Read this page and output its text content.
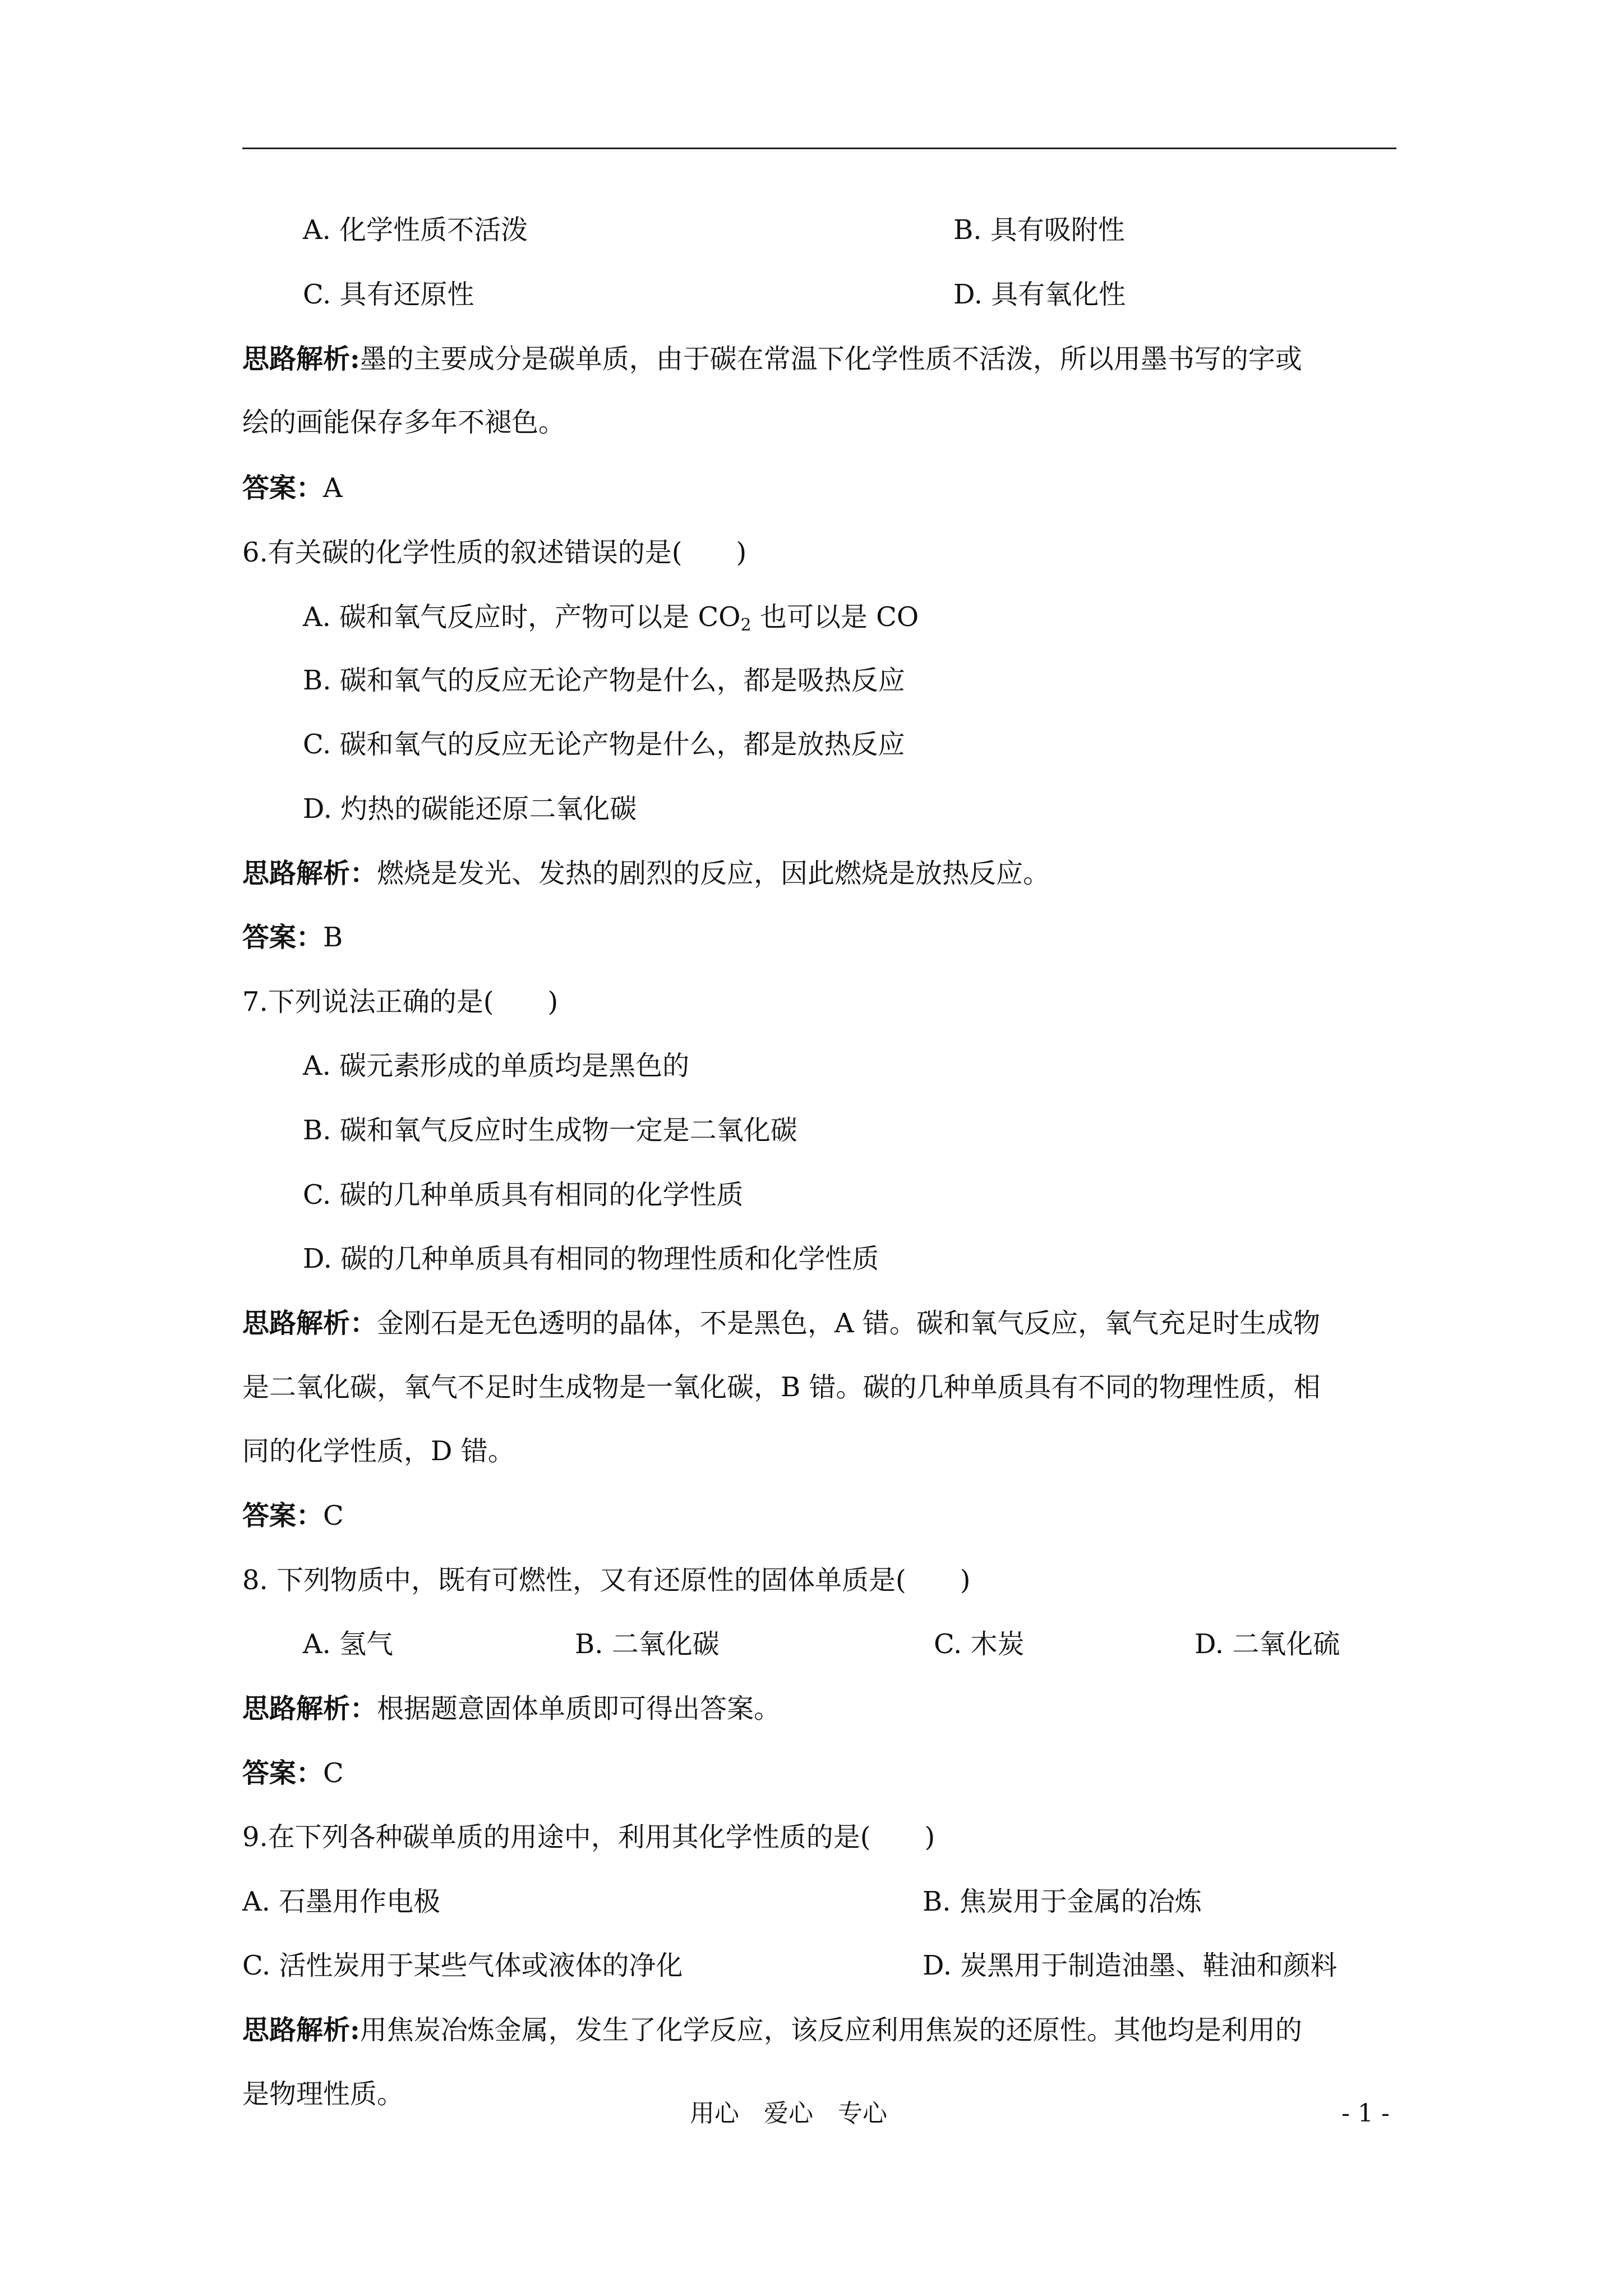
A. 化学性质不活泼	B. 具有吸附性
C. 具有还原性	D. 具有氧化性
思路解析:墨的主要成分是碳单质，由于碳在常温下化学性质不活泼，所以用墨书写的字或
绘的画能保存多年不褪色。
答案：A
6.有关碳的化学性质的叙述错误的是(　　)
A. 碳和氧气反应时，产物可以是 $CO_2$ 也可以是 CO
B. 碳和氧气的反应无论产物是什么，都是吸热反应
C. 碳和氧气的反应无论产物是什么，都是放热反应
D. 灼热的碳能还原二氧化碳
思路解析：燃烧是发光、发热的剧烈的反应，因此燃烧是放热反应。
答案：B
7.下列说法正确的是(　　)
A. 碳元素形成的单质均是黑色的
B. 碳和氧气反应时生成物一定是二氧化碳
C. 碳的几种单质具有相同的化学性质
D. 碳的几种单质具有相同的物理性质和化学性质
思路解析：金刚石是无色透明的晶体，不是黑色，A 错。碳和氧气反应，氧气充足时生成物
是二氧化碳，氧气不足时生成物是一氧化碳，B 错。碳的几种单质具有不同的物理性质，相
同的化学性质，D 错。
答案：C
8. 下列物质中，既有可燃性，又有还原性的固体单质是(　　)
A. 氢气	B. 二氧化碳	C. 木炭	D. 二氧化硫
思路解析：根据题意固体单质即可得出答案。
答案：C
9.在下列各种碳单质的用途中，利用其化学性质的是(　　)
A. 石墨用作电极	B. 焦炭用于金属的冶炼
C. 活性炭用于某些气体或液体的净化	D. 炭黑用于制造油墨、鞋油和颜料
思路解析:用焦炭冶炼金属，发生了化学反应，该反应利用焦炭的还原性。其他均是利用的
是物理性质。
用心　爱心　专心	- 1 -
